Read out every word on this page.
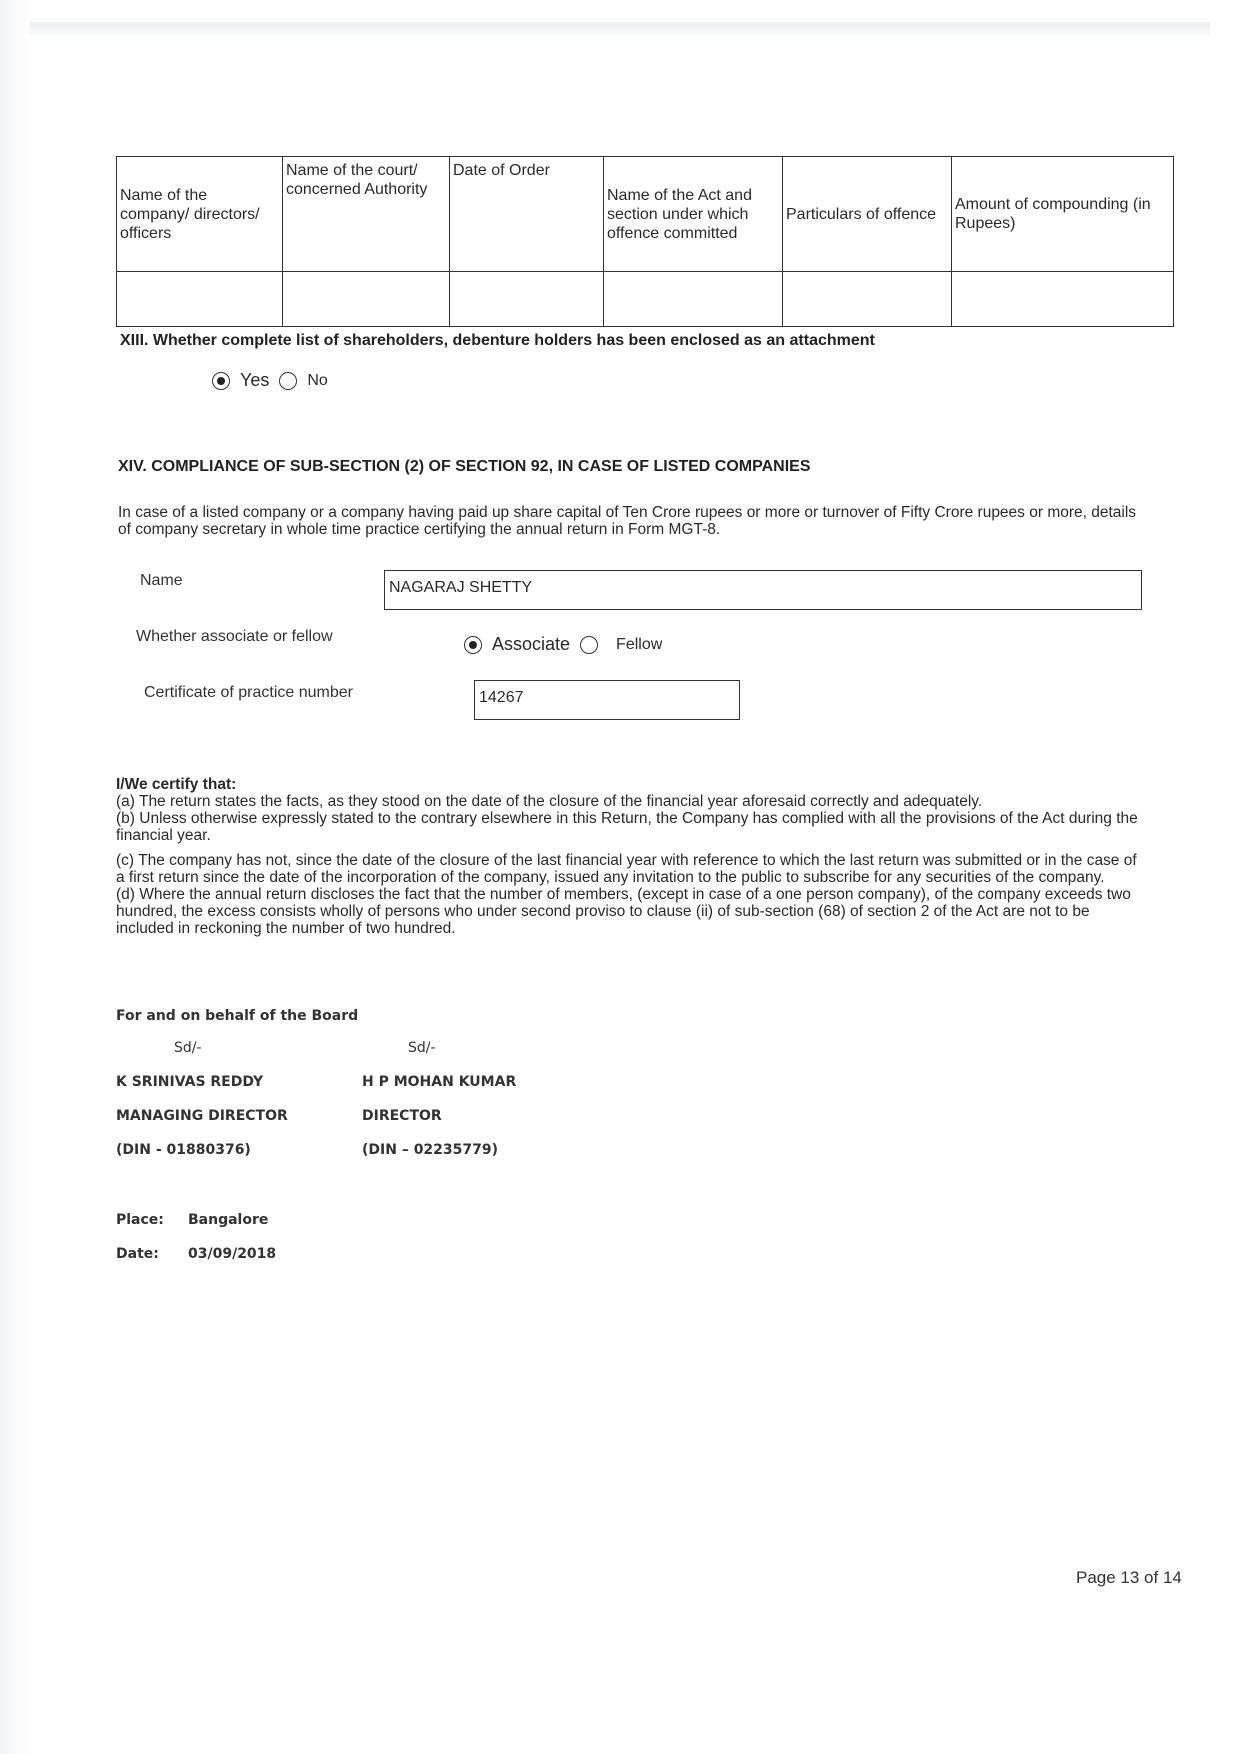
Name of the company/ directors/ officers	Name of the court/ concerned Authority	Date of Order	Name of the Act and section under which offence committed	Particulars of offence	Amount of compounding (in Rupees)

XIII. Whether complete list of shareholders, debenture holders has been enclosed as an attachment
Yes No
XIV. COMPLIANCE OF SUB-SECTION (2) OF SECTION 92, IN CASE OF LISTED COMPANIES
In case of a listed company or a company having paid up share capital of Ten Crore rupees or more or turnover of Fifty Crore rupees or more, details of company secretary in whole time practice certifying the annual return in Form MGT-8.
Name	NAGARAJ SHETTY
Whether associate or fellow	Associate	Fellow
Certificate of practice number	14267

I/We certify that:

(a) The return states the facts, as they stood on the date of the closure of the financial year aforesaid correctly and adequately.

(b) Unless otherwise expressly stated to the contrary elsewhere in this Return, the Company has complied with all the provisions of the Act during the financial year.

(c) The company has not, since the date of the closure of the last financial year with reference to which the last return was submitted or in the case of a first return since the date of the incorporation of the company, issued any invitation to the public to subscribe for any securities of the company.

(d) Where the annual return discloses the fact that the number of members, (except in case of a one person company), of the company exceeds two hundred, the excess consists wholly of persons who under second proviso to clause (ii) of sub-section (68) of section 2 of the Act are not to be included in reckoning the number of two hundred.

For and on behalf of the Board
Sd/-
K SRINIVAS REDDY
MANAGING DIRECTOR
(DIN - 01880376)
Sd/-
H P MOHAN KUMAR
DIRECTOR
(DIN – 02235779)
Place: Bangalore
Date: 03/09/2018
Page 13 of 14
